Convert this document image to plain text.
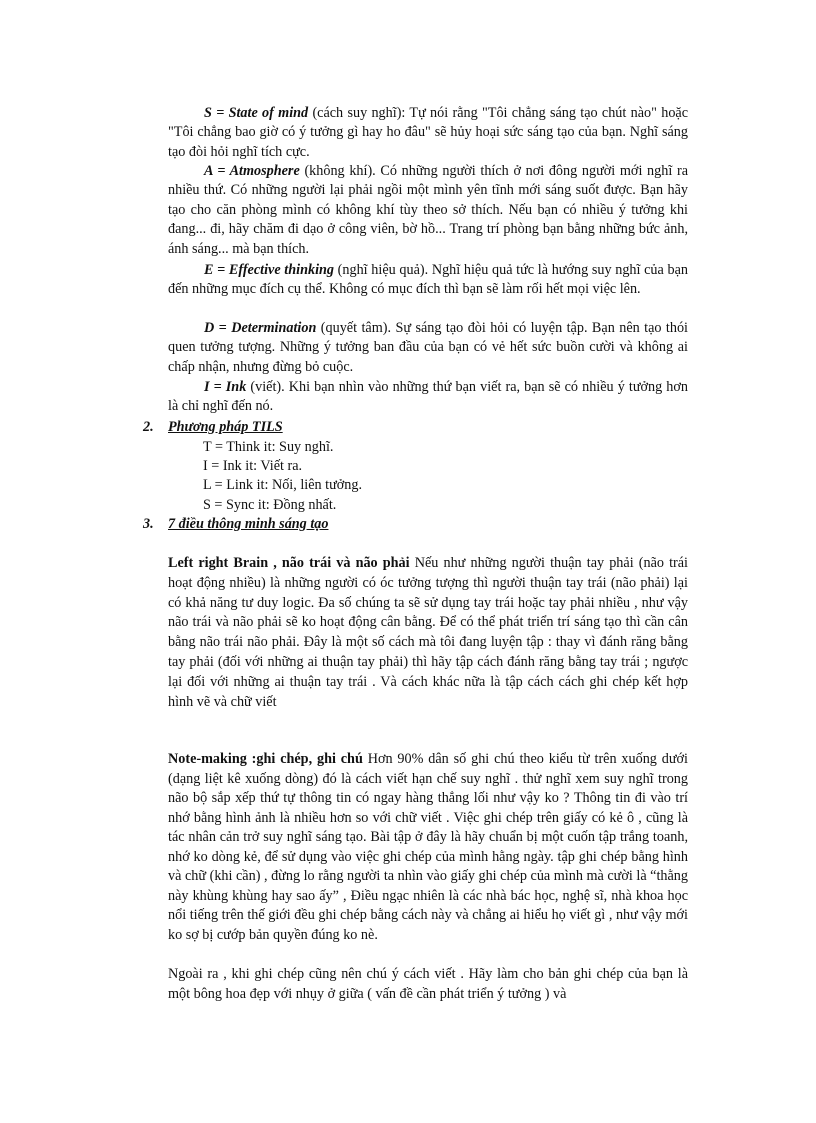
S = State of mind (cách suy nghĩ): Tự nói rằng "Tôi chẳng sáng tạo chút nào" hoặc "Tôi chẳng bao giờ có ý tưởng gì hay ho đâu" sẽ hủy hoại sức sáng tạo của bạn. Nghĩ sáng tạo đòi hỏi nghĩ tích cực.

A = Atmosphere (không khí). Có những người thích ở nơi đông người mới nghĩ ra nhiều thứ. Có những người lại phải ngồi một mình yên tĩnh mới sáng suốt được. Bạn hãy tạo cho căn phòng mình có không khí tùy theo sở thích. Nếu bạn có nhiều ý tưởng khi đang... đi, hãy chăm đi dạo ở công viên, bờ hồ... Trang trí phòng bạn bằng những bức ảnh, ánh sáng... mà bạn thích.

E = Effective thinking (nghĩ hiệu quả). Nghĩ hiệu quả tức là hướng suy nghĩ của bạn đến những mục đích cụ thể. Không có mục đích thì bạn sẽ làm rối hết mọi việc lên.

D = Determination (quyết tâm). Sự sáng tạo đòi hỏi có luyện tập. Bạn nên tạo thói quen tưởng tượng. Những ý tưởng ban đầu của bạn có vẻ hết sức buồn cười và không ai chấp nhận, nhưng đừng bỏ cuộc.

I = Ink (viết). Khi bạn nhìn vào những thứ bạn viết ra, bạn sẽ có nhiều ý tưởng hơn là chỉ nghĩ đến nó.

2. Phương pháp TILS
T = Think it: Suy nghĩ.
I = Ink it: Viết ra.
L = Link it: Nối, liên tưởng.
S = Sync it: Đồng nhất.
3. 7 điều thông minh sáng tạo

Left right Brain , não trái và não phải Nếu như những người thuận tay phải (não trái hoạt động nhiều) là những người có óc tưởng tượng thì người thuận tay trái (não phải) lại có khả năng tư duy logic. Đa số chúng ta sẽ sử dụng tay trái hoặc tay phải nhiều , như vậy não trái và não phải sẽ ko hoạt động cân bằng. Để có thể phát triển trí sáng tạo thì cần cân bằng não trái não phải. Đây là một số cách mà tôi đang luyện tập : thay vì đánh răng bằng tay phải (đối với những ai thuận tay phải) thì hãy tập cách đánh răng bằng tay trái ; ngược lại đối với những ai thuận tay trái . Và cách khác nữa là tập cách cách ghi chép kết hợp hình vẽ và chữ viết

Note-making :ghi chép, ghi chú Hơn 90% dân số ghi chú theo kiểu từ trên xuống dưới (dạng liệt kê xuống dòng) đó là cách viết hạn chế suy nghĩ . thử nghĩ xem suy nghĩ trong não bộ sắp xếp thứ tự thông tin có ngay hàng thẳng lối như vậy ko ? Thông tin đi vào trí nhớ bằng hình ảnh là nhiều hơn so với chữ viết . Việc ghi chép trên giấy có kẻ ô , cũng là tác nhân cản trở suy nghĩ sáng tạo. Bài tập ở đây là hãy chuẩn bị một cuốn tập trắng toanh, nhớ ko dòng kẻ, để sử dụng vào việc ghi chép của mình hằng ngày. tập ghi chép bằng hình và chữ (khi cần) , đừng lo rằng người ta nhìn vào giấy ghi chép của mình mà cười là “thằng này khùng khùng hay sao ấy” , Điều ngạc nhiên là các nhà bác học, nghệ sĩ, nhà khoa học nổi tiếng trên thế giới đều ghi chép bằng cách này và chẳng ai hiểu họ viết gì , như vậy mới ko sợ bị cướp bản quyền đúng ko nè.

Ngoài ra , khi ghi chép cũng nên chú ý cách viết . Hãy làm cho bản ghi chép của bạn là một bông hoa đẹp với nhụy ở giữa ( vấn đề cần phát triển ý tưởng ) và
